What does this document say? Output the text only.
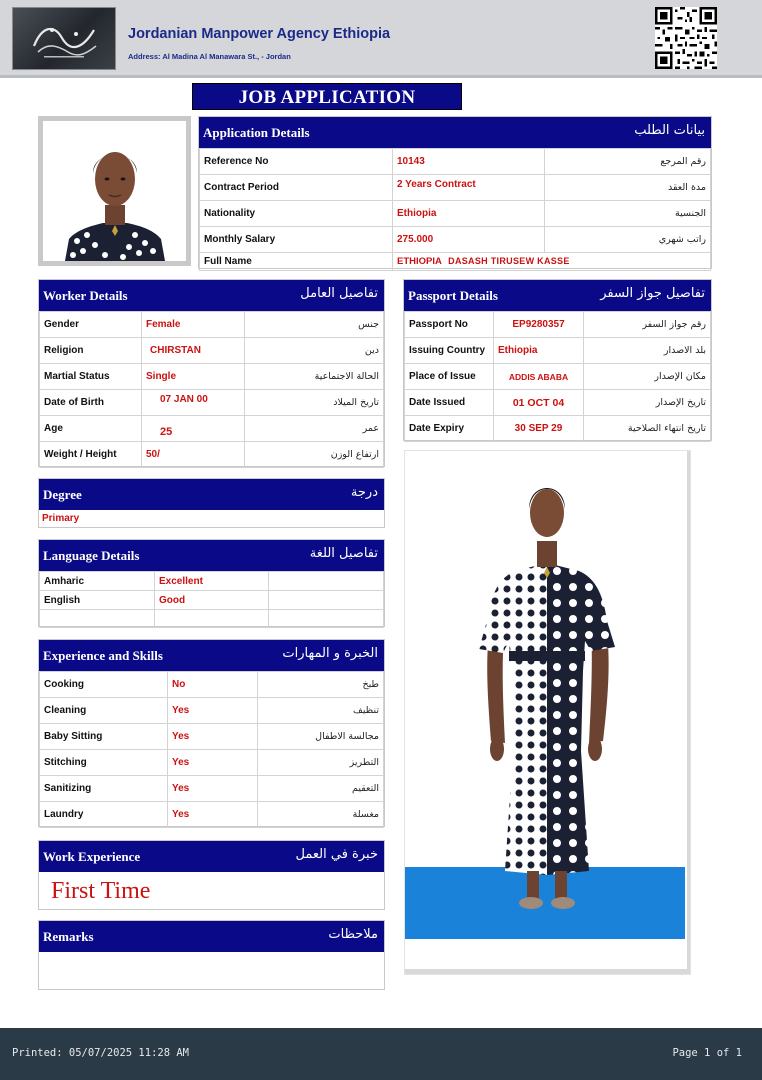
Jordanian Manpower Agency Ethiopia
Address: Al Madina Al Manawara St., - Jordan
JOB APPLICATION
Application Details	بيانات الطلب
Reference No	10143	رقم المرجع
Contract Period	2 Years Contract	مدة العقد
Nationality	Ethiopia	الجنسية
Monthly Salary	275.000	راتب شهري
Full Name	ETHIOPIA DASASH TIRUSEW KASSE	
Worker Details	تفاصيل العامل
Gender	Female	جنس
Religion	CHIRSTAN	دين
Martial Status	Single	الحالة الاجتماعية
Date of Birth	07 JAN 00	تاريخ الميلاد
Age	25	عمر
Weight / Height	50/	ارتفاع الوزن
Passport Details	تفاصيل جواز السفر
Passport No	EP9280357	رقم جواز السفر
Issuing Country	Ethiopia	بلد الاصدار
Place of Issue	ADDIS ABABA	مكان الإصدار
Date Issued	01 OCT 04	تاريخ الإصدار
Date Expiry	30 SEP 29	تاريخ انتهاء الصلاحية
Degree	درجة
Primary
Language Details	تفاصيل اللغة
Amharic	Excellent	
English	Good	

Experience and Skills	الخبرة و المهارات
Cooking	No	طبخ
Cleaning	Yes	تنظيف
Baby Sitting	Yes	مجالسة الاطفال
Stitching	Yes	التطريز
Sanitizing	Yes	التعقيم
Laundry	Yes	مغسلة
Work Experience	خبرة في العمل
First Time
Remarks	ملاحظات
Printed: 05/07/2025 11:28 AM	Page 1 of 1
